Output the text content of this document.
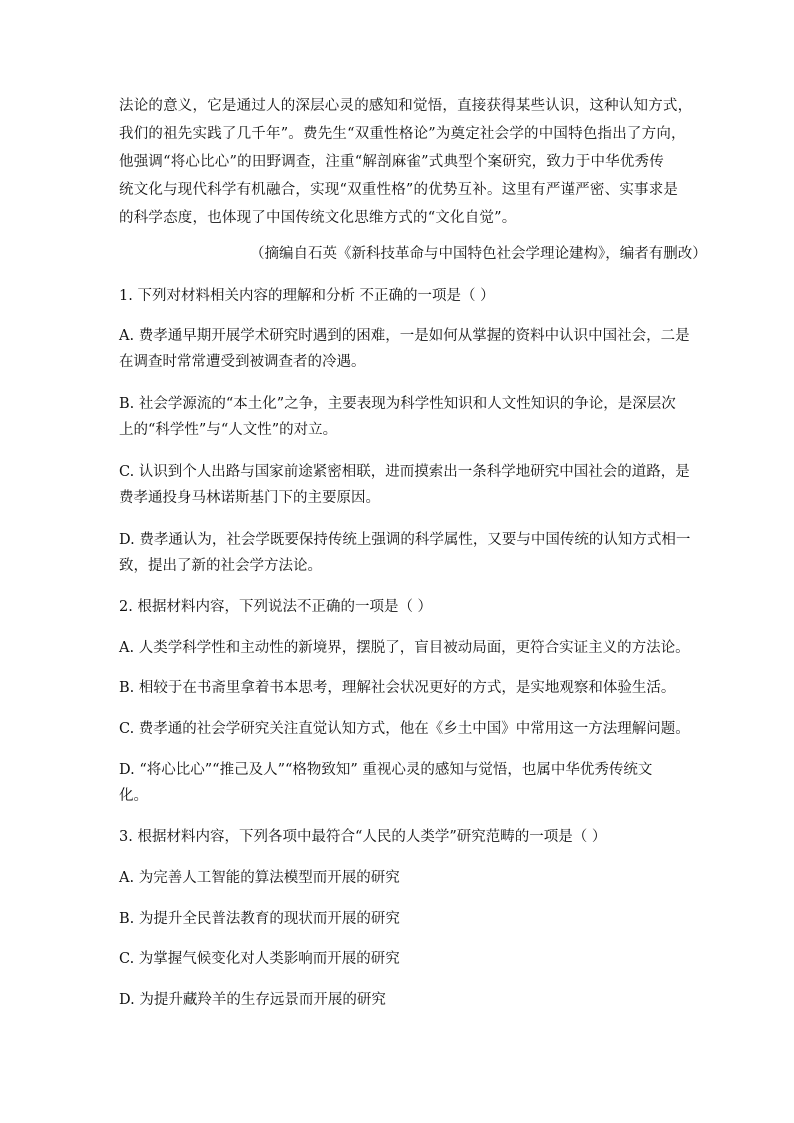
法论的意义，它是通过人的深层心灵的感知和觉悟，直接获得某些认识，这种认知方式，
我们的祖先实践了几千年”。费先生“双重性格论”为奠定社会学的中国特色指出了方向，
他强调“将心比心”的田野调查，注重“解剖麻雀”式典型个案研究，致力于中华优秀传
统文化与现代科学有机融合，实现“双重性格”的优势互补。这里有严谨严密、实事求是
的科学态度，也体现了中国传统文化思维方式的“文化自觉”。
（摘编自石英《新科技革命与中国特色社会学理论建构》，编者有删改）
1. 下列对材料相关内容的理解和分析 不正确的一项是（ ）
A. 费孝通早期开展学术研究时遇到的困难，一是如何从掌握的资料中认识中国社会，二是
在调查时常常遭受到被调查者的冷遇。
B. 社会学源流的“本土化”之争，主要表现为科学性知识和人文性知识的争论，是深层次
上的“科学性”与“人文性”的对立。
C. 认识到个人出路与国家前途紧密相联，进而摸索出一条科学地研究中国社会的道路，是
费孝通投身马林诺斯基门下的主要原因。
D. 费孝通认为，社会学既要保持传统上强调的科学属性，又要与中国传统的认知方式相一
致，提出了新的社会学方法论。
2. 根据材料内容，下列说法不正确的一项是（ ）
A. 人类学科学性和主动性的新境界，摆脱了，盲目被动局面，更符合实证主义的方法论。
B. 相较于在书斋里拿着书本思考，理解社会状况更好的方式，是实地观察和体验生活。
C. 费孝通的社会学研究关注直觉认知方式，他在《乡土中国》中常用这一方法理解问题。
D. “将心比心”“推己及人”“格物致知” 重视心灵的感知与觉悟，也属中华优秀传统文
化。
3. 根据材料内容，下列各项中最符合“人民的人类学”研究范畴的一项是（ ）
A. 为完善人工智能的算法模型而开展的研究
B. 为提升全民普法教育的现状而开展的研究
C. 为掌握气候变化对人类影响而开展的研究
D. 为提升藏羚羊的生存远景而开展的研究
